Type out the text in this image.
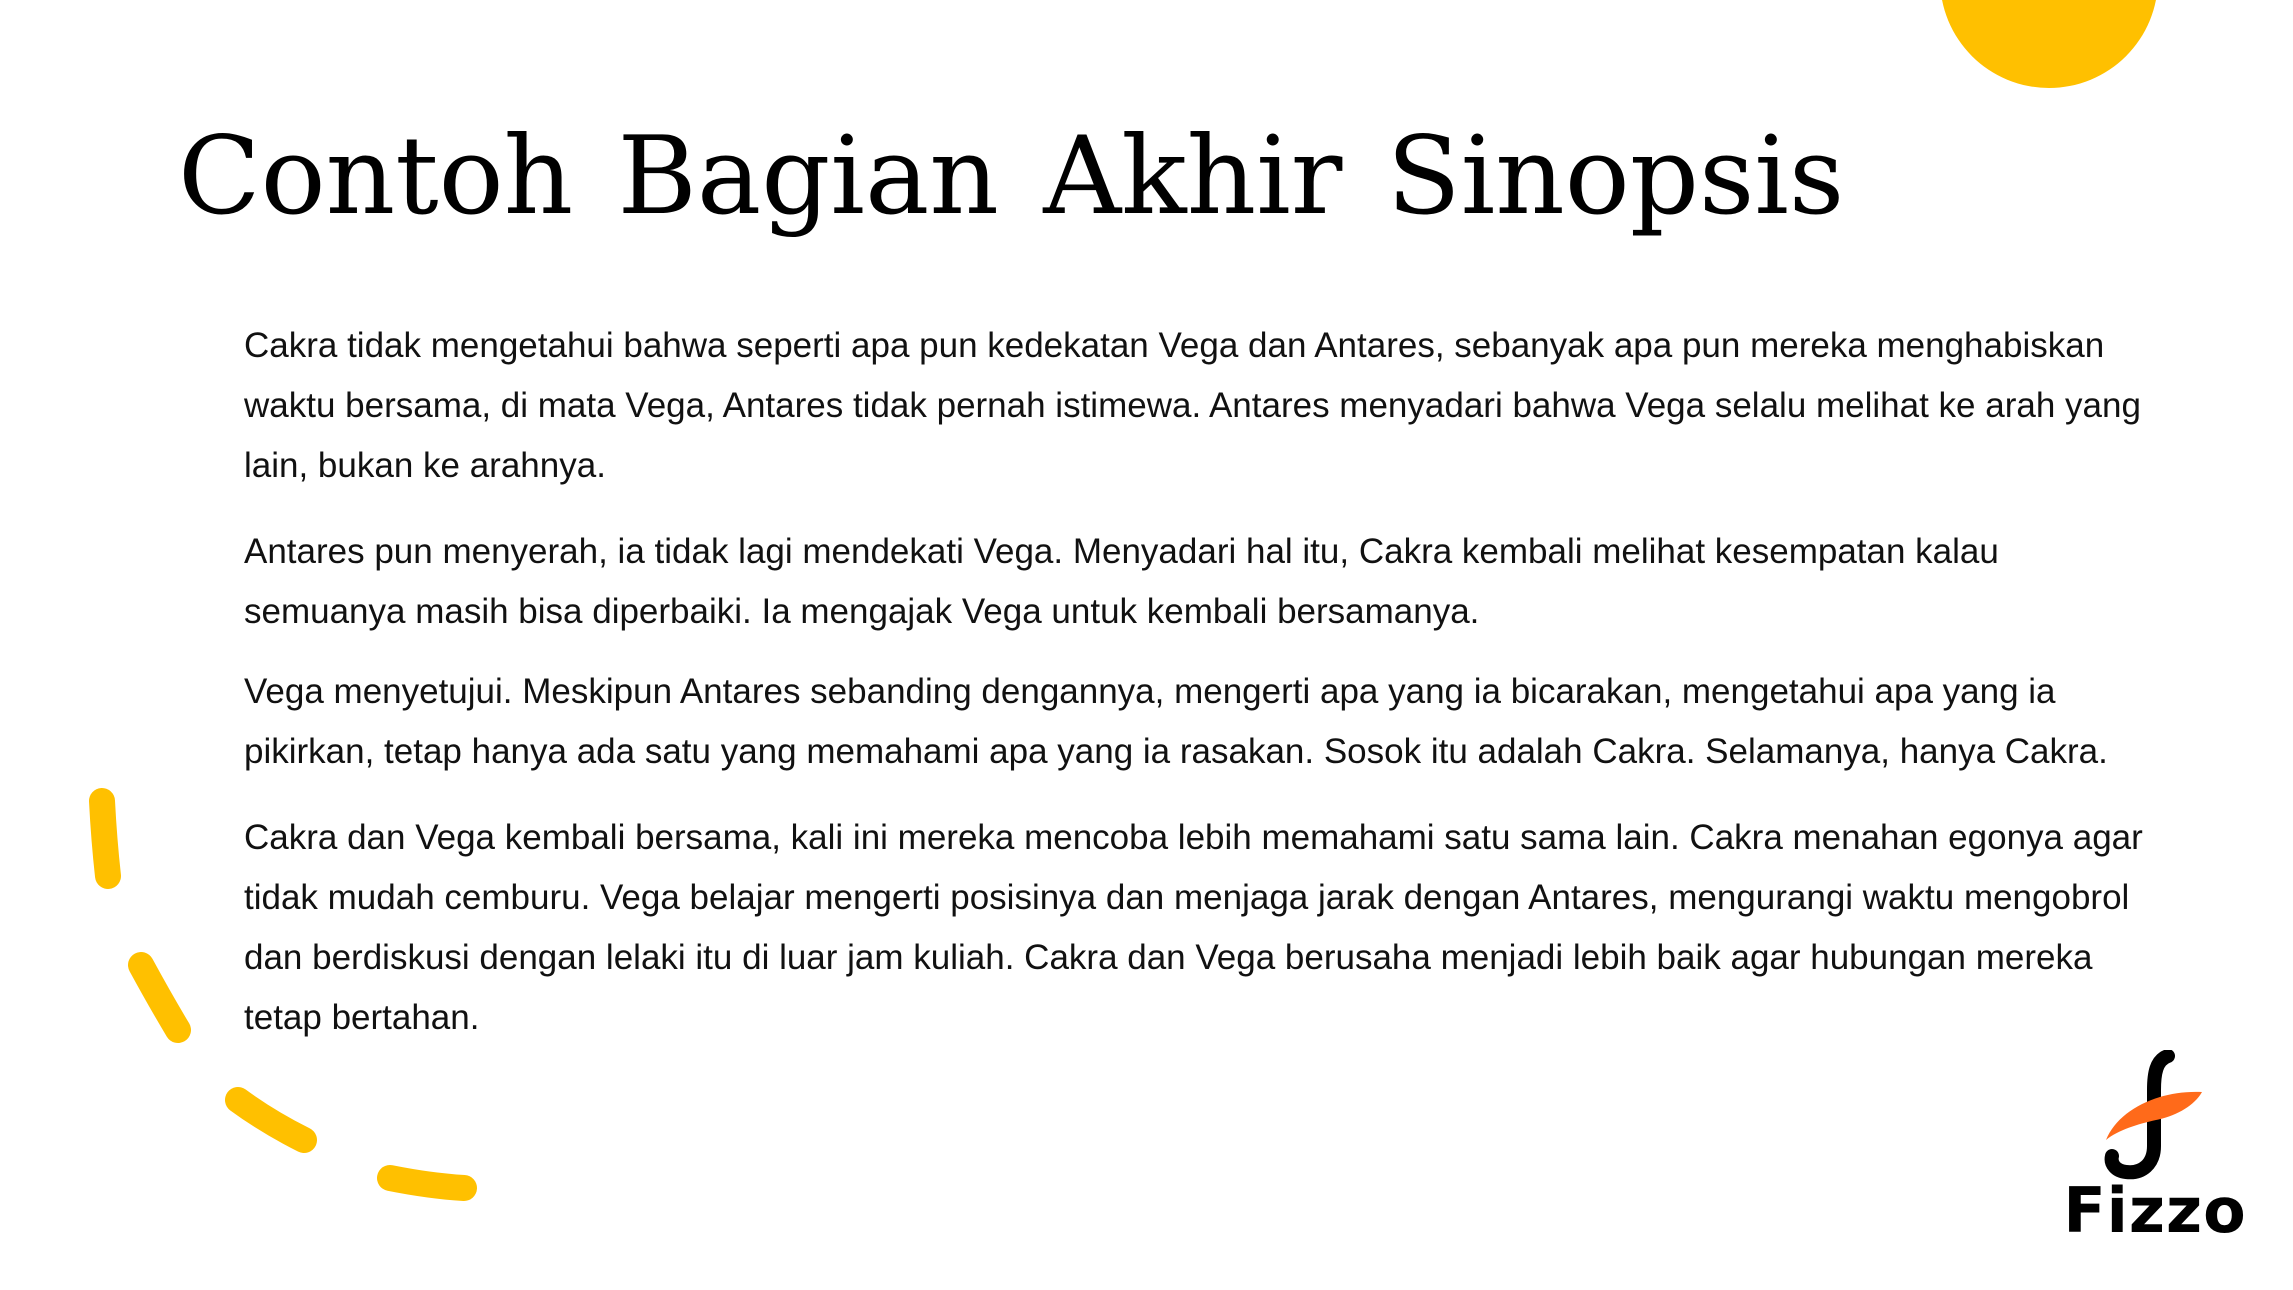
Contoh Bagian Akhir Sinopsis

Cakra tidak mengetahui bahwa seperti apa pun kedekatan Vega dan Antares, sebanyak apa pun mereka menghabiskan waktu bersama, di mata Vega, Antares tidak pernah istimewa. Antares menyadari bahwa Vega selalu melihat ke arah yang lain, bukan ke arahnya.

Antares pun menyerah, ia tidak lagi mendekati Vega. Menyadari hal itu, Cakra kembali melihat kesempatan kalau semuanya masih bisa diperbaiki. Ia mengajak Vega untuk kembali bersamanya.

Vega menyetujui. Meskipun Antares sebanding dengannya, mengerti apa yang ia bicarakan, mengetahui apa yang ia pikirkan, tetap hanya ada satu yang memahami apa yang ia rasakan. Sosok itu adalah Cakra. Selamanya, hanya Cakra.

Cakra dan Vega kembali bersama, kali ini mereka mencoba lebih memahami satu sama lain. Cakra menahan egonya agar tidak mudah cemburu. Vega belajar mengerti posisinya dan menjaga jarak dengan Antares, mengurangi waktu mengobrol dan berdiskusi dengan lelaki itu di luar jam kuliah. Cakra dan Vega berusaha menjadi lebih baik agar hubungan mereka tetap bertahan.

Fizzo
